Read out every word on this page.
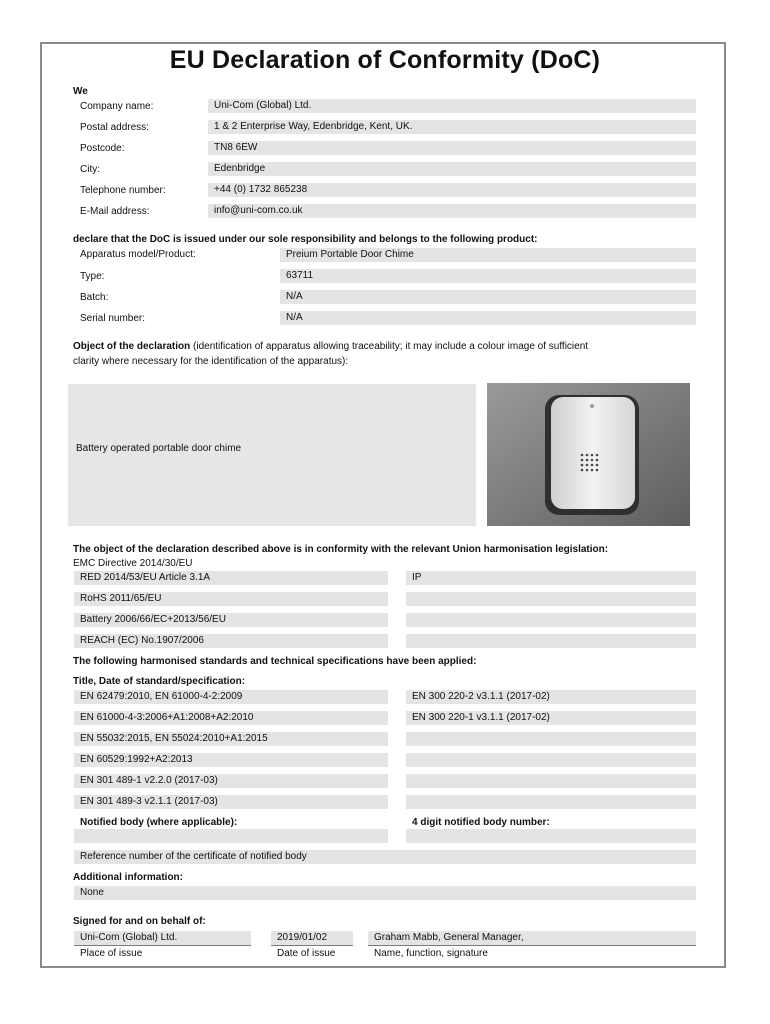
EU Declaration of Conformity (DoC)
We
Company name:	Uni-Com (Global) Ltd.
Postal address:	1 & 2 Enterprise Way, Edenbridge, Kent, UK.
Postcode:	TN8 6EW
City:	Edenbridge
Telephone number:	+44 (0) 1732 865238
E-Mail address:	info@uni-com.co.uk
declare that the DoC is issued under our sole responsibility and belongs to the following product:
Apparatus model/Product:	Preium Portable Door Chime
Type:	63711
Batch:	N/A
Serial number:	N/A
Object of the declaration (identification of apparatus allowing traceability; it may include a colour image of sufficient
clarity where necessary for the identification of the apparatus):
Battery operated portable door chime
The object of the declaration described above is in conformity with the relevant Union harmonisation legislation:
EMC Directive 2014/30/EU
RED 2014/53/EU Article 3.1A	IP
RoHS 2011/65/EU
Battery 2006/66/EC+2013/56/EU
REACH (EC) No.1907/2006
The following harmonised standards and technical specifications have been applied:
Title, Date of standard/specification:
EN 62479:2010, EN 61000-4-2:2009	EN 300 220-2 v3.1.1 (2017-02)
EN 61000-4-3:2006+A1:2008+A2:2010	EN 300 220-1 v3.1.1 (2017-02)
EN 55032:2015, EN 55024:2010+A1:2015
EN 60529:1992+A2:2013
EN 301 489-1 v2.2.0 (2017-03)
EN 301 489-3 v2.1.1 (2017-03)
Notified body (where applicable):	4 digit notified body number:
Reference number of the certificate of notified body
Additional information:
None
Signed for and on behalf of:
Uni-Com (Global) Ltd.	2019/01/02	Graham Mabb, General Manager,
Place of issue	Date of issue	Name, function, signature
